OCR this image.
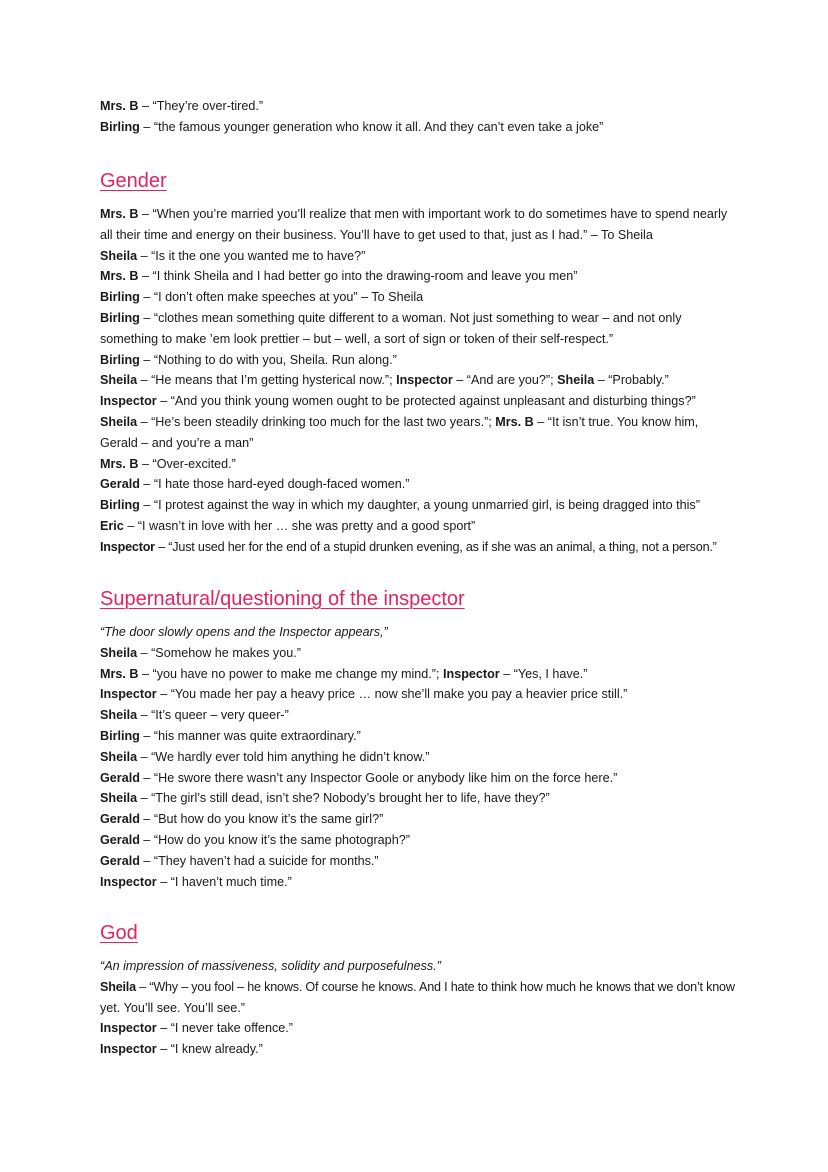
Mrs. B – “They’re over-tired.”
Birling – “the famous younger generation who know it all. And they can’t even take a joke”
Gender
Mrs. B – “When you’re married you’ll realize that men with important work to do sometimes have to spend nearly
all their time and energy on their business. You’ll have to get used to that, just as I had.” – To Sheila
Sheila – “Is it the one you wanted me to have?”
Mrs. B – “I think Sheila and I had better go into the drawing-room and leave you men”
Birling – “I don’t often make speeches at you” – To Sheila
Birling – “clothes mean something quite different to a woman. Not just something to wear – and not only
something to make ’em look prettier – but – well, a sort of sign or token of their self-respect.”
Birling – “Nothing to do with you, Sheila. Run along.”
Sheila – “He means that I’m getting hysterical now.”; Inspector – “And are you?”; Sheila – “Probably.”
Inspector – “And you think young women ought to be protected against unpleasant and disturbing things?”
Sheila – “He’s been steadily drinking too much for the last two years.”; Mrs. B – “It isn’t true. You know him,
Gerald – and you’re a man”
Mrs. B – “Over-excited.”
Gerald – “I hate those hard-eyed dough-faced women.”
Birling – “I protest against the way in which my daughter, a young unmarried girl, is being dragged into this”
Eric – “I wasn’t in love with her … she was pretty and a good sport”
Inspector – “Just used her for the end of a stupid drunken evening, as if she was an animal, a thing, not a person.”
Supernatural/questioning of the inspector
“The door slowly opens and the Inspector appears,”
Sheila – “Somehow he makes you.”
Mrs. B – “you have no power to make me change my mind.”; Inspector – “Yes, I have.”
Inspector – “You made her pay a heavy price … now she’ll make you pay a heavier price still.”
Sheila – “It’s queer – very queer-”
Birling – “his manner was quite extraordinary.”
Sheila – “We hardly ever told him anything he didn’t know.”
Gerald – “He swore there wasn’t any Inspector Goole or anybody like him on the force here.”
Sheila – “The girl’s still dead, isn’t she? Nobody’s brought her to life, have they?”
Gerald – “But how do you know it’s the same girl?”
Gerald – “How do you know it’s the same photograph?”
Gerald – “They haven’t had a suicide for months.”
Inspector – “I haven’t much time.”
God
“An impression of massiveness, solidity and purposefulness.”
Sheila – “Why – you fool – he knows. Of course he knows. And I hate to think how much he knows that we don’t know
yet. You’ll see. You’ll see.”
Inspector – “I never take offence.”
Inspector – “I knew already.”
